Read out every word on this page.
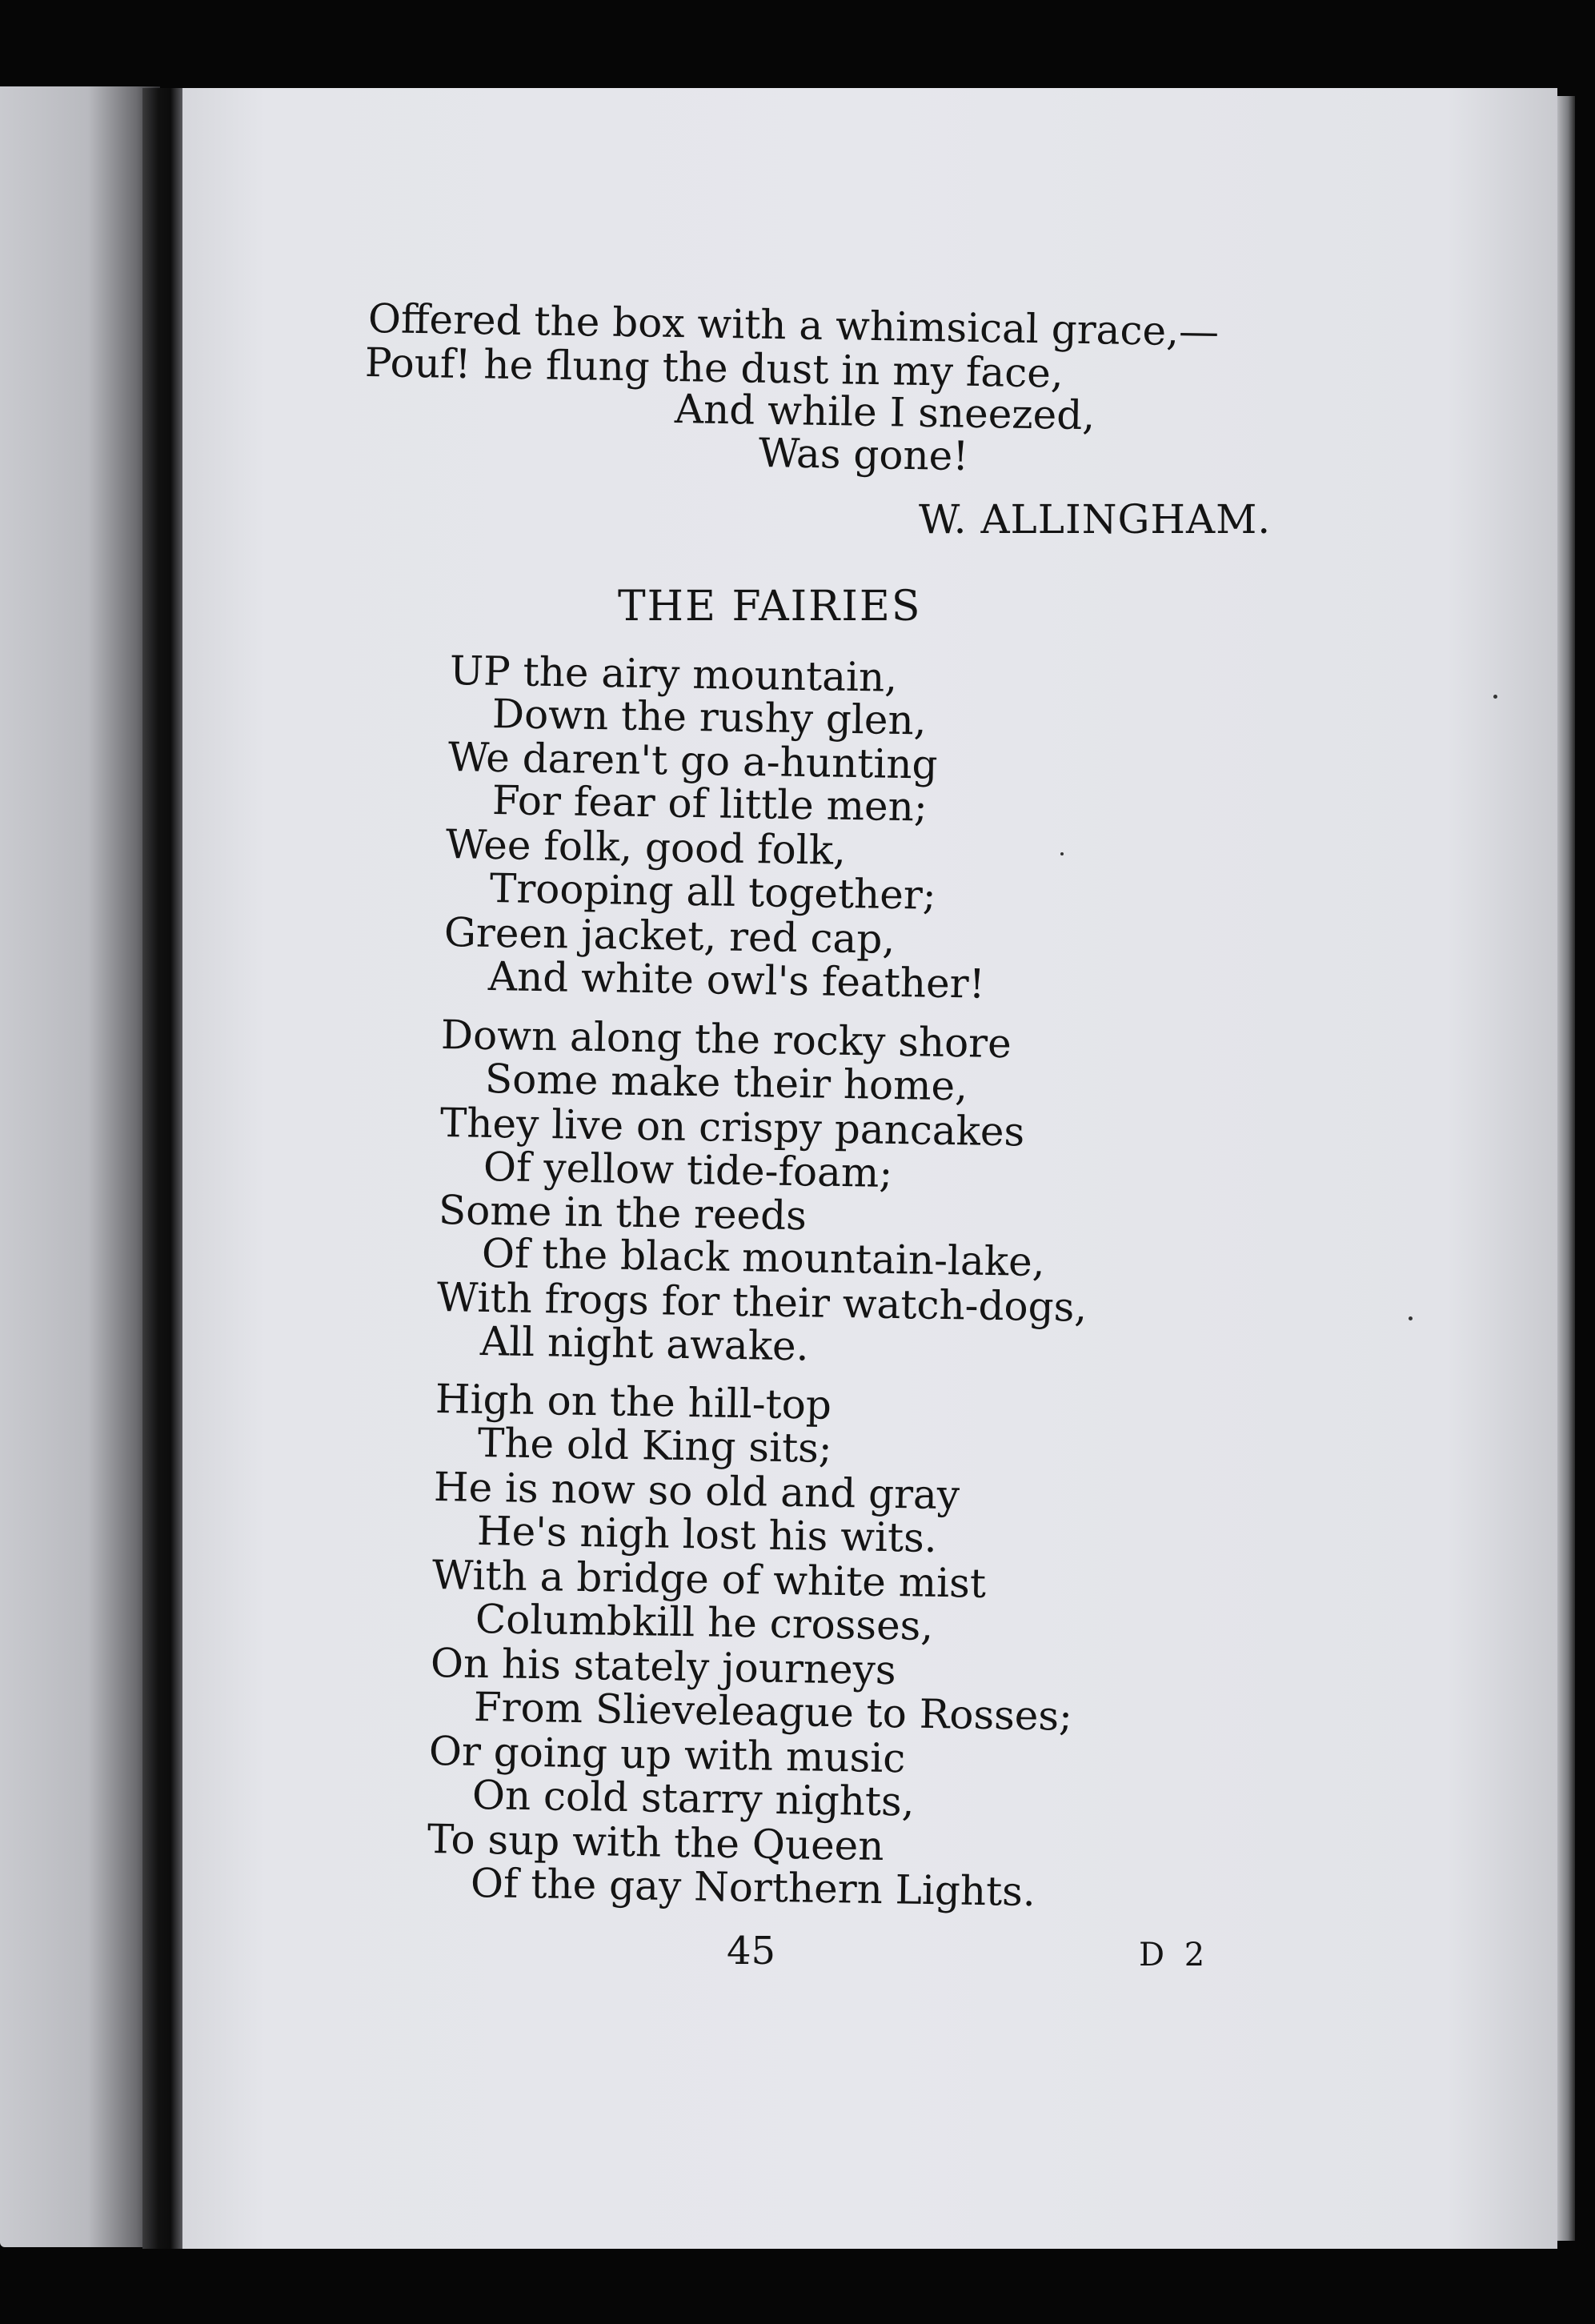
Offered the box with a whimsical grace,—
Pouf! he flung the dust in my face,
And while I sneezed,
Was gone!
W. ALLINGHAM.
THE FAIRIES
UP the airy mountain,
Down the rushy glen,
We daren't go a-hunting
For fear of little men;
Wee folk, good folk,
Trooping all together;
Green jacket, red cap,
And white owl's feather!
Down along the rocky shore
Some make their home,
They live on crispy pancakes
Of yellow tide-foam;
Some in the reeds
Of the black mountain-lake,
With frogs for their watch-dogs,
All night awake.
High on the hill-top
The old King sits;
He is now so old and gray
He's nigh lost his wits.
With a bridge of white mist
Columbkill he crosses,
On his stately journeys
From Slieveleague to Rosses;
Or going up with music
On cold starry nights,
To sup with the Queen
Of the gay Northern Lights.
45	D 2
